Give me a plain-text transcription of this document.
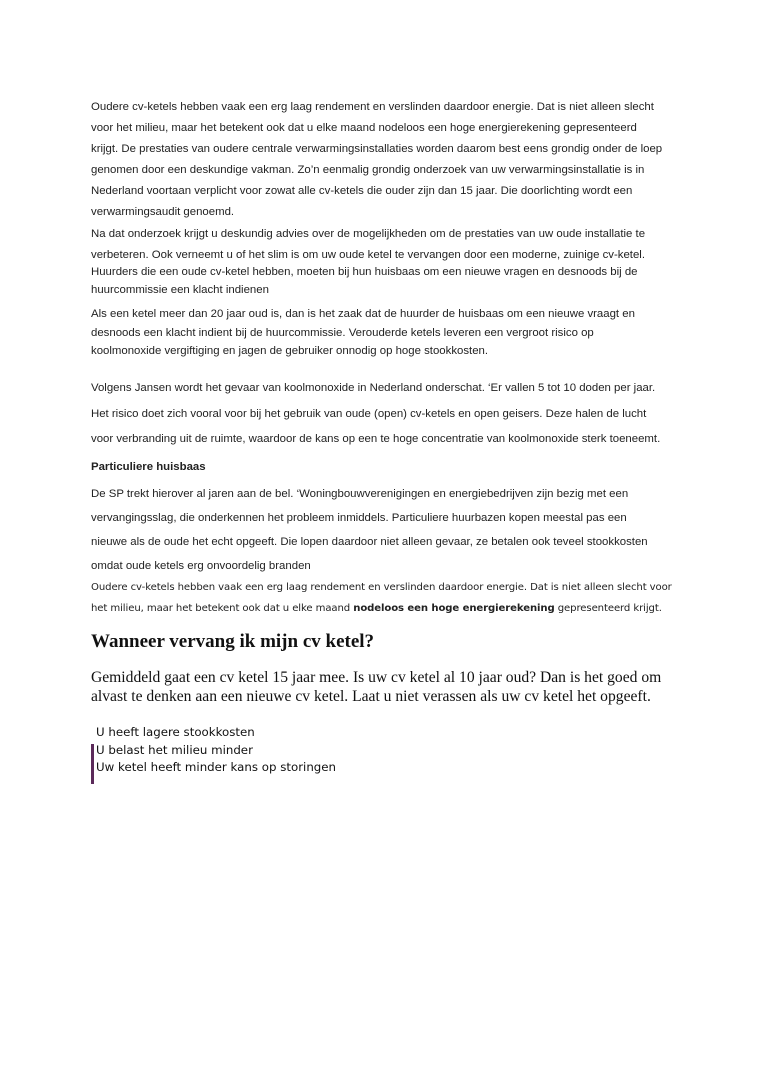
Oudere cv-ketels hebben vaak een erg laag rendement en verslinden daardoor energie. Dat is niet alleen slecht
voor het milieu, maar het betekent ook dat u elke maand nodeloos een hoge energierekening gepresenteerd
krijgt. De prestaties van oudere centrale verwarmingsinstallaties worden daarom best eens grondig onder de loep
genomen door een deskundige vakman. Zo’n eenmalig grondig onderzoek van uw verwarmingsinstallatie is in
Nederland voortaan verplicht voor zowat alle cv-ketels die ouder zijn dan 15 jaar. Die doorlichting wordt een
verwarmingsaudit genoemd.
Na dat onderzoek krijgt u deskundig advies over de mogelijkheden om de prestaties van uw oude installatie te
verbeteren. Ook verneemt u of het slim is om uw oude ketel te vervangen door een moderne, zuinige cv-ketel.
Huurders die een oude cv-ketel hebben, moeten bij hun huisbaas om een nieuwe vragen en desnoods bij de
huurcommissie een klacht indienen
Als een ketel meer dan 20 jaar oud is, dan is het zaak dat de huurder de huisbaas om een nieuwe vraagt en
desnoods een klacht indient bij de huurcommissie. Verouderde ketels leveren een vergroot risico op
koolmonoxide vergiftiging en jagen de gebruiker onnodig op hoge stookkosten.
Volgens Jansen wordt het gevaar van koolmonoxide in Nederland onderschat. ‘Er vallen 5 tot 10 doden per jaar.
Het risico doet zich vooral voor bij het gebruik van oude (open) cv-ketels en open geisers. Deze halen de lucht
voor verbranding uit de ruimte, waardoor de kans op een te hoge concentratie van koolmonoxide sterk toeneemt.
Particuliere huisbaas
De SP trekt hierover al jaren aan de bel. ‘Woningbouwverenigingen en energiebedrijven zijn bezig met een
vervangingsslag, die onderkennen het probleem inmiddels. Particuliere huurbazen kopen meestal pas een
nieuwe als de oude het echt opgeeft. Die lopen daardoor niet alleen gevaar, ze betalen ook teveel stookkosten
omdat oude ketels erg onvoordelig branden
Oudere cv-ketels hebben vaak een erg laag rendement en verslinden daardoor energie. Dat is niet alleen slecht voor
het milieu, maar het betekent ook dat u elke maand nodeloos een hoge energierekening gepresenteerd krijgt.
Wanneer vervang ik mijn cv ketel?
Gemiddeld gaat een cv ketel 15 jaar mee. Is uw cv ketel al 10 jaar oud? Dan is het goed om
alvast te denken aan een nieuwe cv ketel. Laat u niet verassen als uw cv ketel het opgeeft.
U heeft lagere stookkosten
U belast het milieu minder
Uw ketel heeft minder kans op storingen
